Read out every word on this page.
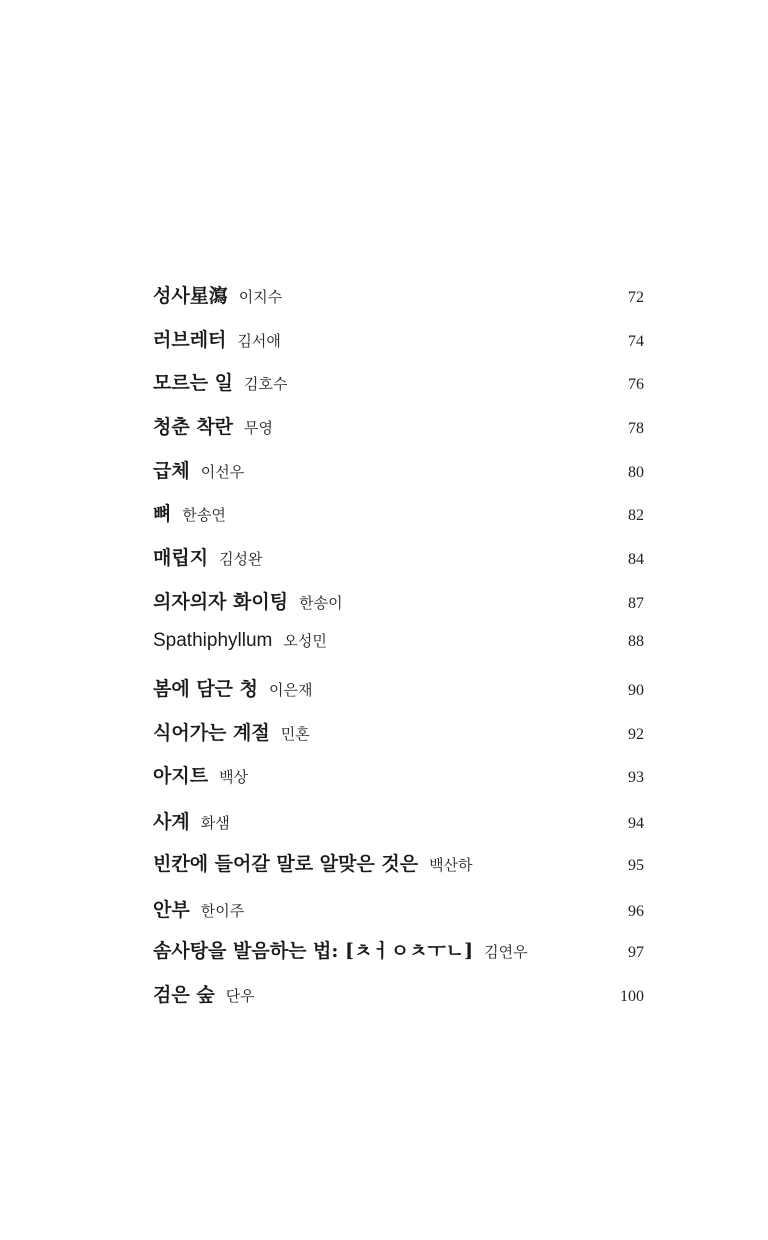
성사星瀉 이지수	72
러브레터 김서애	74
모르는 일 김호수	76
청춘 착란 무영	78
급체 이선우	80
뼈 한송연	82
매립지 김성완	84
의자의자 화이팅 한송이	87
Spathiphyllum 오성민	88
봄에 담근 청 이은재	90
식어가는 계절 민혼	92
아지트 백상	93
사계 화샘	94
빈칸에 들어갈 말로 알맞은 것은 백산하	95
안부 한이주	96
솜사탕을 발음하는 법: [ㅊㅓㅇㅊㅜㄴ] 김연우	97
검은 숲 단우	100
